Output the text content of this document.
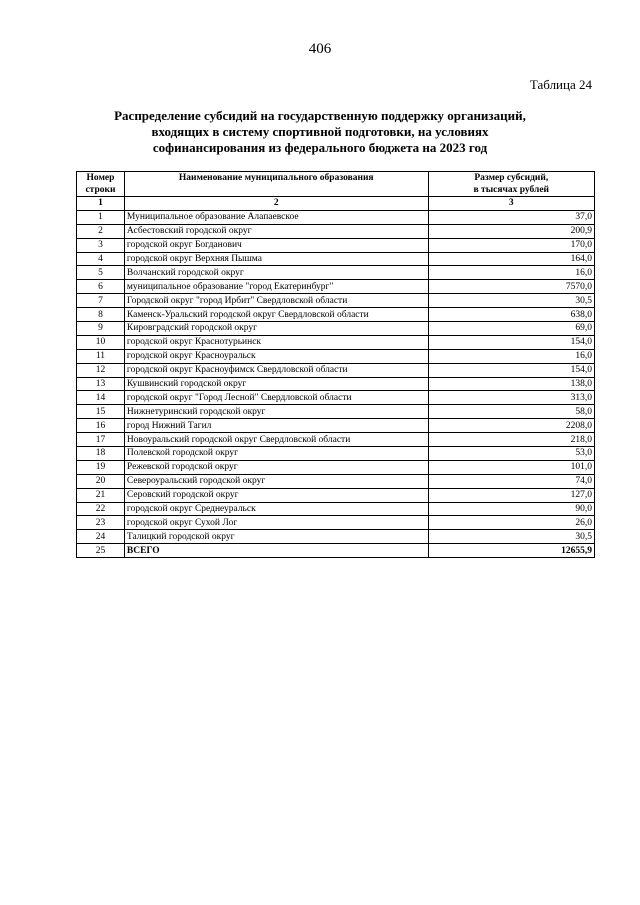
406
Таблица 24
Распределение субсидий на государственную поддержку организаций,
входящих в систему спортивной подготовки, на условиях
софинансирования из федерального бюджета на 2023 год
Номер
строки	Наименование муниципального образования	Размер субсидий,
в тысячах рублей
1	2	3
1	Муниципальное образование Алапаевское	37,0
2	Асбестовский городской округ	200,9
3	городской округ Богданович	170,0
4	городской округ Верхняя Пышма	164,0
5	Волчанский городской округ	16,0
6	муниципальное образование "город Екатеринбург"	7570,0
7	Городской округ "город Ирбит" Свердловской области	30,5
8	Каменск-Уральский городской округ Свердловской области	638,0
9	Кировградский городской округ	69,0
10	городской округ Краснотурьинск	154,0
11	городской округ Красноуральск	16,0
12	городской округ Красноуфимск Свердловской области	154,0
13	Кушвинский городской округ	138,0
14	городской округ "Город Лесной" Свердловской области	313,0
15	Нижнетуринский городской округ	58,0
16	город Нижний Тагил	2208,0
17	Новоуральский городской округ Свердловской области	218,0
18	Полевской городской округ	53,0
19	Режевской городской округ	101,0
20	Североуральский городской округ	74,0
21	Серовский городской округ	127,0
22	городской округ Среднеуральск	90,0
23	городской округ Сухой Лог	26,0
24	Талицкий городской округ	30,5
25	ВСЕГО	12655,9
